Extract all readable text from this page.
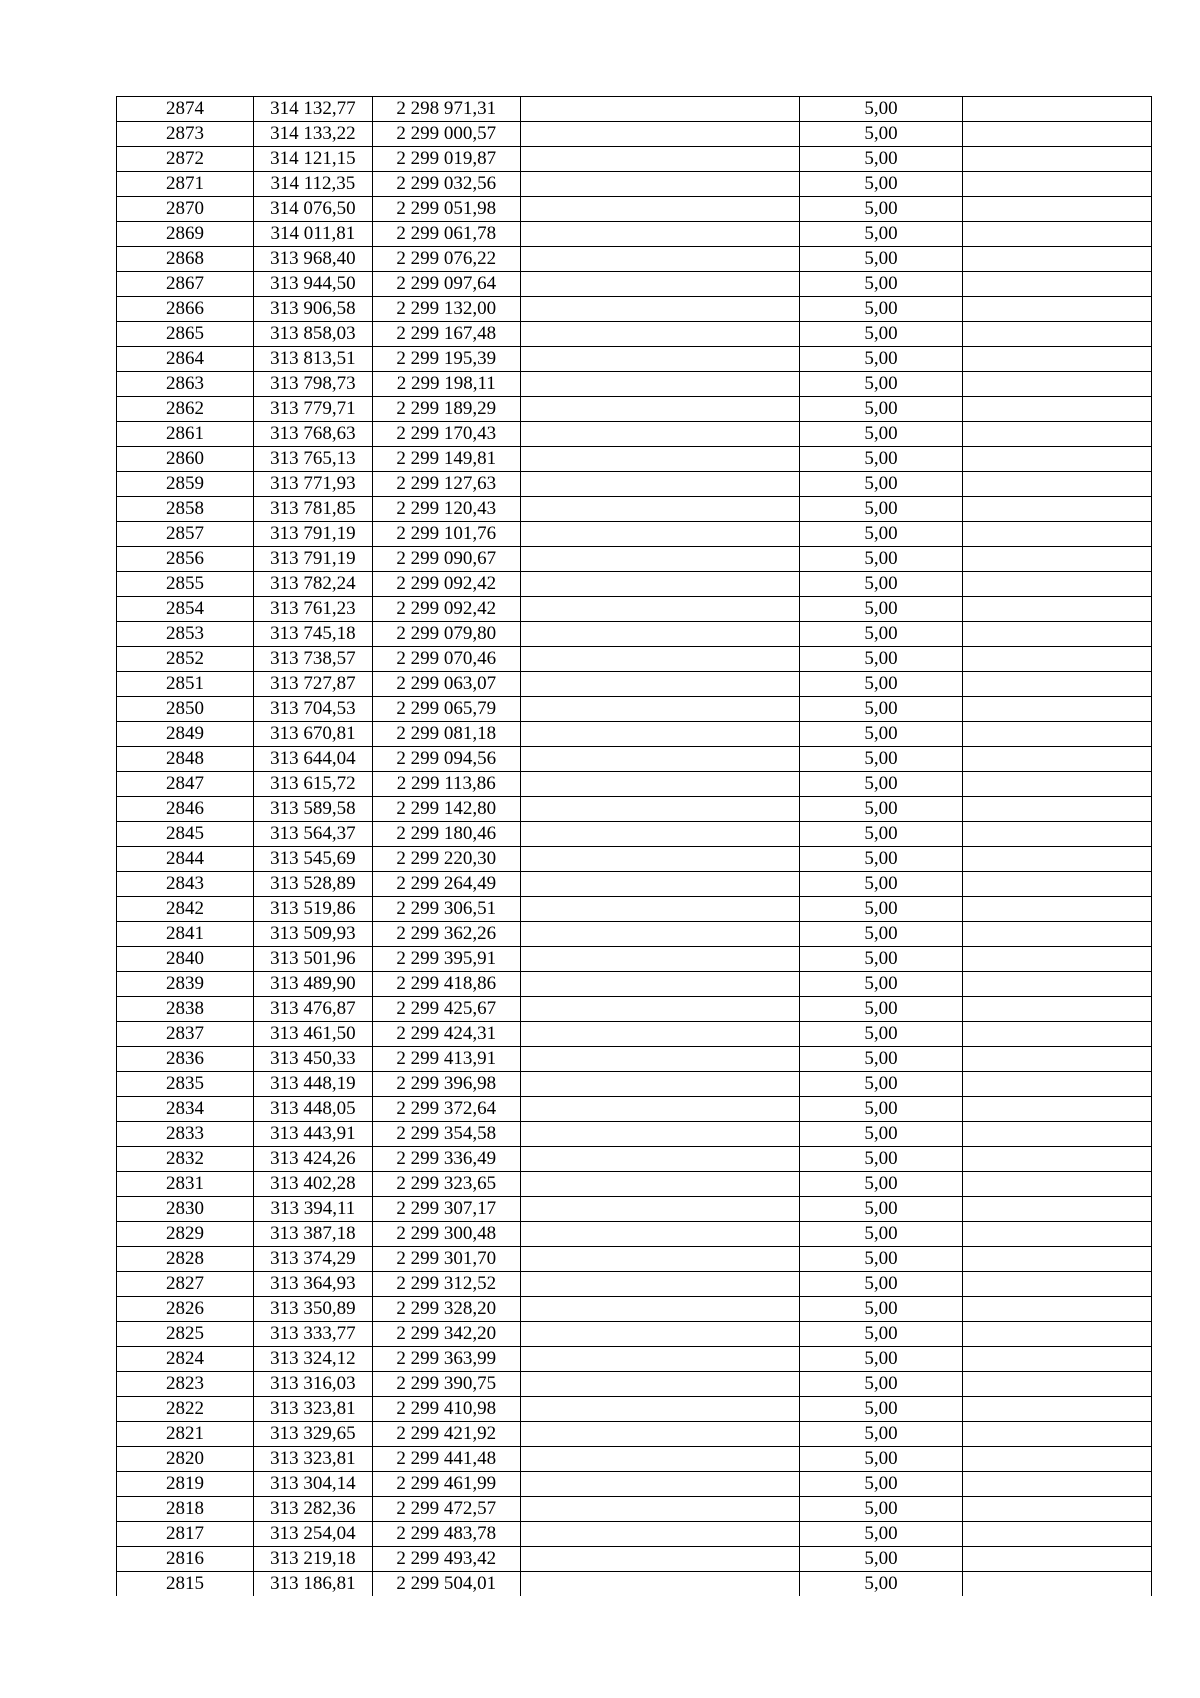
2874	314 132,77	2 298 971,31		5,00	
2873	314 133,22	2 299 000,57		5,00	
2872	314 121,15	2 299 019,87		5,00	
2871	314 112,35	2 299 032,56		5,00	
2870	314 076,50	2 299 051,98		5,00	
2869	314 011,81	2 299 061,78		5,00	
2868	313 968,40	2 299 076,22		5,00	
2867	313 944,50	2 299 097,64		5,00	
2866	313 906,58	2 299 132,00		5,00	
2865	313 858,03	2 299 167,48		5,00	
2864	313 813,51	2 299 195,39		5,00	
2863	313 798,73	2 299 198,11		5,00	
2862	313 779,71	2 299 189,29		5,00	
2861	313 768,63	2 299 170,43		5,00	
2860	313 765,13	2 299 149,81		5,00	
2859	313 771,93	2 299 127,63		5,00	
2858	313 781,85	2 299 120,43		5,00	
2857	313 791,19	2 299 101,76		5,00	
2856	313 791,19	2 299 090,67		5,00	
2855	313 782,24	2 299 092,42		5,00	
2854	313 761,23	2 299 092,42		5,00	
2853	313 745,18	2 299 079,80		5,00	
2852	313 738,57	2 299 070,46		5,00	
2851	313 727,87	2 299 063,07		5,00	
2850	313 704,53	2 299 065,79		5,00	
2849	313 670,81	2 299 081,18		5,00	
2848	313 644,04	2 299 094,56		5,00	
2847	313 615,72	2 299 113,86		5,00	
2846	313 589,58	2 299 142,80		5,00	
2845	313 564,37	2 299 180,46		5,00	
2844	313 545,69	2 299 220,30		5,00	
2843	313 528,89	2 299 264,49		5,00	
2842	313 519,86	2 299 306,51		5,00	
2841	313 509,93	2 299 362,26		5,00	
2840	313 501,96	2 299 395,91		5,00	
2839	313 489,90	2 299 418,86		5,00	
2838	313 476,87	2 299 425,67		5,00	
2837	313 461,50	2 299 424,31		5,00	
2836	313 450,33	2 299 413,91		5,00	
2835	313 448,19	2 299 396,98		5,00	
2834	313 448,05	2 299 372,64		5,00	
2833	313 443,91	2 299 354,58		5,00	
2832	313 424,26	2 299 336,49		5,00	
2831	313 402,28	2 299 323,65		5,00	
2830	313 394,11	2 299 307,17		5,00	
2829	313 387,18	2 299 300,48		5,00	
2828	313 374,29	2 299 301,70		5,00	
2827	313 364,93	2 299 312,52		5,00	
2826	313 350,89	2 299 328,20		5,00	
2825	313 333,77	2 299 342,20		5,00	
2824	313 324,12	2 299 363,99		5,00	
2823	313 316,03	2 299 390,75		5,00	
2822	313 323,81	2 299 410,98		5,00	
2821	313 329,65	2 299 421,92		5,00	
2820	313 323,81	2 299 441,48		5,00	
2819	313 304,14	2 299 461,99		5,00	
2818	313 282,36	2 299 472,57		5,00	
2817	313 254,04	2 299 483,78		5,00	
2816	313 219,18	2 299 493,42		5,00	
2815	313 186,81	2 299 504,01		5,00	
